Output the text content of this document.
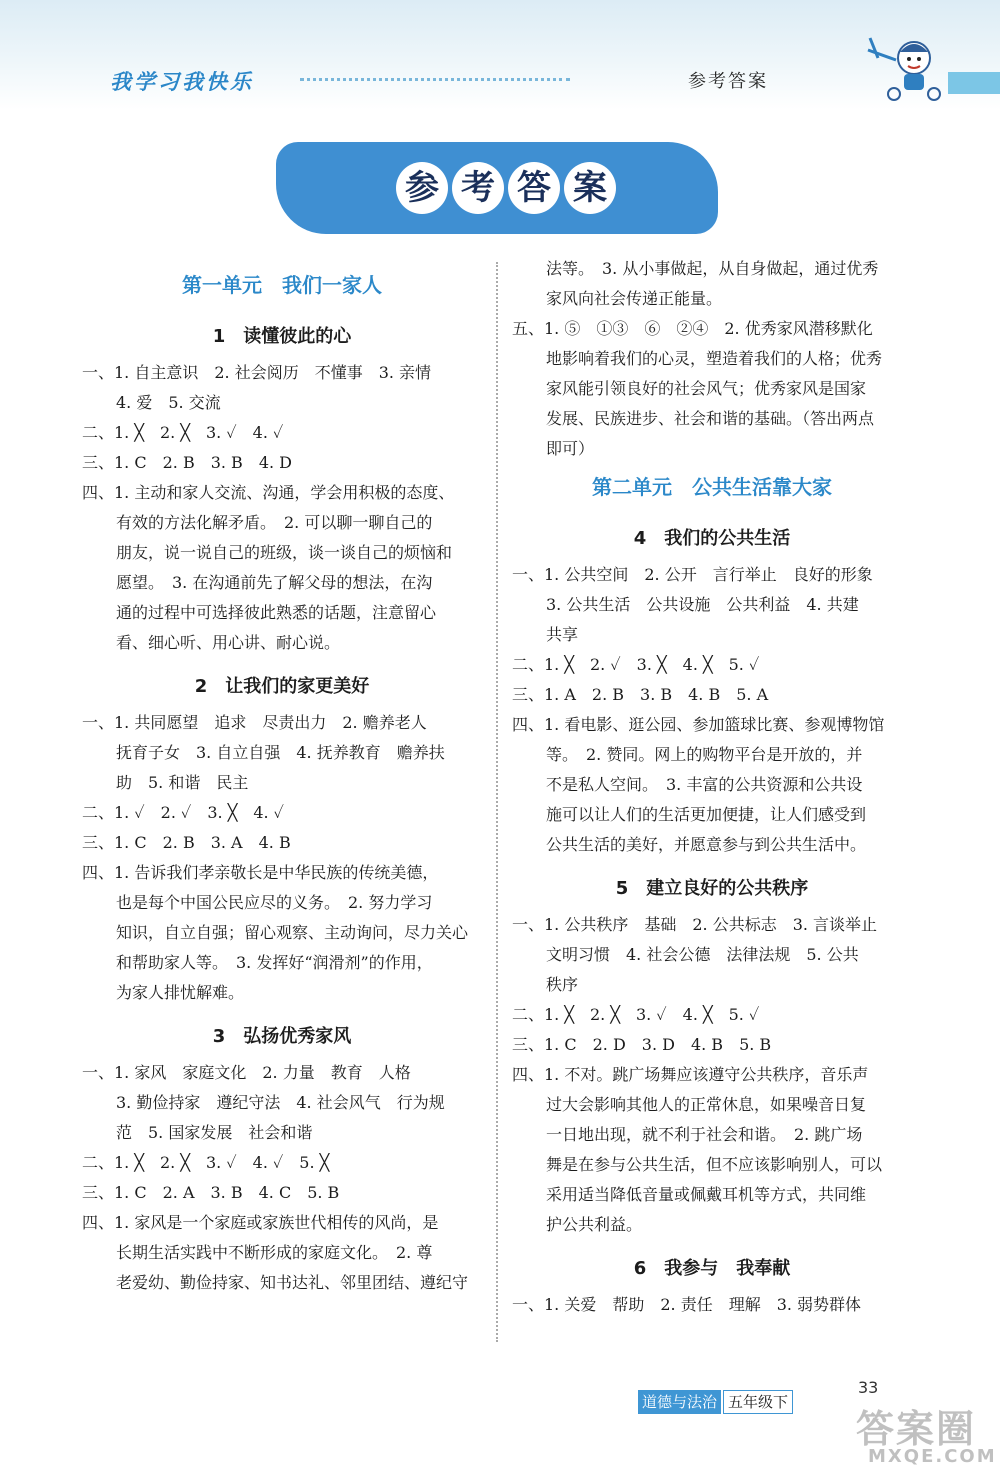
我学习我快乐	参考答案
参 考 答 案
第一单元　我们一家人
1　读懂彼此的心
一、1. 自主意识　2. 社会阅历　不懂事　3. 亲情
4. 爱　5. 交流
二、1. ╳　2. ╳　3. ✓　4. ✓
三、1. C　2. B　3. B　4. D
四、1. 主动和家人交流、沟通，学会用积极的态度、
有效的方法化解矛盾。　2. 可以聊一聊自己的
朋友，说一说自己的班级，谈一谈自己的烦恼和
愿望。　3. 在沟通前先了解父母的想法，在沟
通的过程中可选择彼此熟悉的话题，注意留心
看、细心听、用心讲、耐心说。
2　让我们的家更美好
一、1. 共同愿望　追求　尽责出力　2. 赡养老人
抚育子女　3. 自立自强　4. 抚养教育　赡养扶
助　5. 和谐　民主
二、1. ✓　2. ✓　3. ╳　4. ✓
三、1. C　2. B　3. A　4. B
四、1. 告诉我们孝亲敬长是中华民族的传统美德，
也是每个中国公民应尽的义务。　2. 努力学习
知识，自立自强；留心观察、主动询问，尽力关心
和帮助家人等。　3. 发挥好“润滑剂”的作用，
为家人排忧解难。
3　弘扬优秀家风
一、1. 家风　家庭文化　2. 力量　教育　人格
3. 勤俭持家　遵纪守法　4. 社会风气　行为规
范　5. 国家发展　社会和谐
二、1. ╳　2. ╳　3. ✓　4. ✓　5. ╳
三、1. C　2. A　3. B　4. C　5. B
四、1. 家风是一个家庭或家族世代相传的风尚，是
长期生活实践中不断形成的家庭文化。　2. 尊
老爱幼、勤俭持家、知书达礼、邻里团结、遵纪守
法等。　3. 从小事做起，从自身做起，通过优秀
家风向社会传递正能量。
五、1. ⑤　①③　⑥　②④　2. 优秀家风潜移默化
地影响着我们的心灵，塑造着我们的人格；优秀
家风能引领良好的社会风气；优秀家风是国家
发展、民族进步、社会和谐的基础。（答出两点
即可）
第二单元　公共生活靠大家
4　我们的公共生活
一、1. 公共空间　2. 公开　言行举止　良好的形象
3. 公共生活　公共设施　公共利益　4. 共建
共享
二、1. ╳　2. ✓　3. ╳　4. ╳　5. ✓
三、1. A　2. B　3. B　4. B　5. A
四、1. 看电影、逛公园、参加篮球比赛、参观博物馆
等。　2. 赞同。网上的购物平台是开放的，并
不是私人空间。　3. 丰富的公共资源和公共设
施可以让人们的生活更加便捷，让人们感受到
公共生活的美好，并愿意参与到公共生活中。
5　建立良好的公共秩序
一、1. 公共秩序　基础　2. 公共标志　3. 言谈举止
文明习惯　4. 社会公德　法律法规　5. 公共
秩序
二、1. ╳　2. ╳　3. ✓　4. ╳　5. ✓
三、1. C　2. D　3. D　4. B　5. B
四、1. 不对。跳广场舞应该遵守公共秩序，音乐声
过大会影响其他人的正常休息，如果噪音日复
一日地出现，就不利于社会和谐。　2. 跳广场
舞是在参与公共生活，但不应该影响别人，可以
采用适当降低音量或佩戴耳机等方式，共同维
护公共利益。
6　我参与　我奉献
一、1. 关爱　帮助　2. 责任　理解　3. 弱势群体
道德与法治 五年级下
33
答案圈
MXQE.COM
